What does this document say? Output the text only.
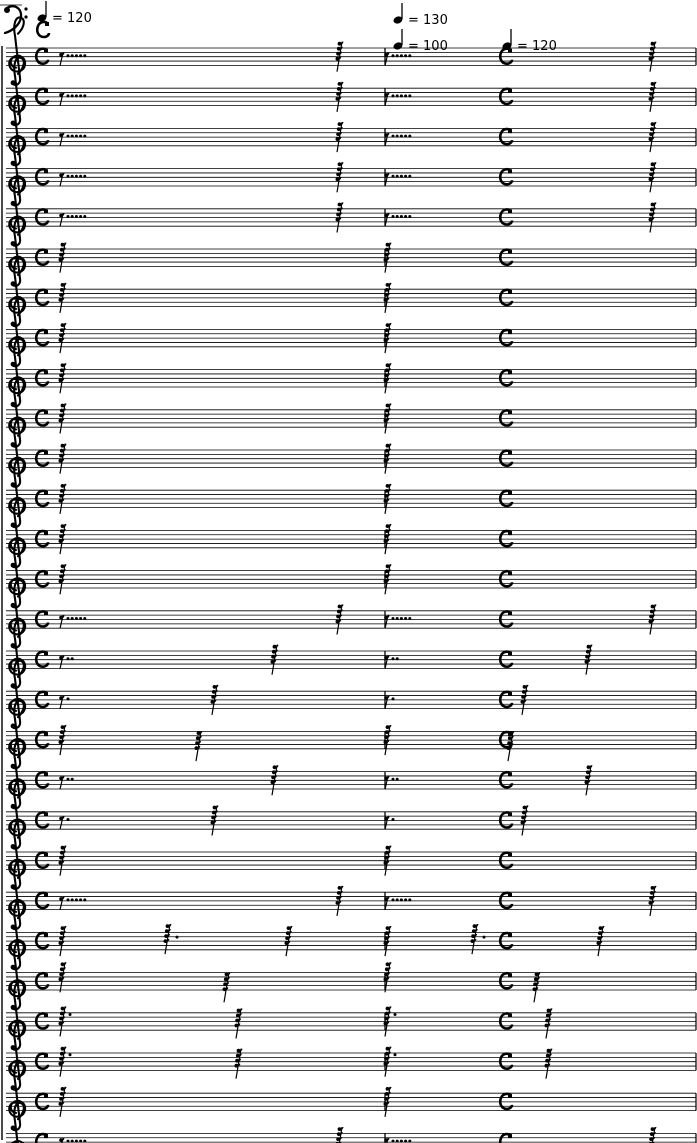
= 120	= 130
= 100	= 120
